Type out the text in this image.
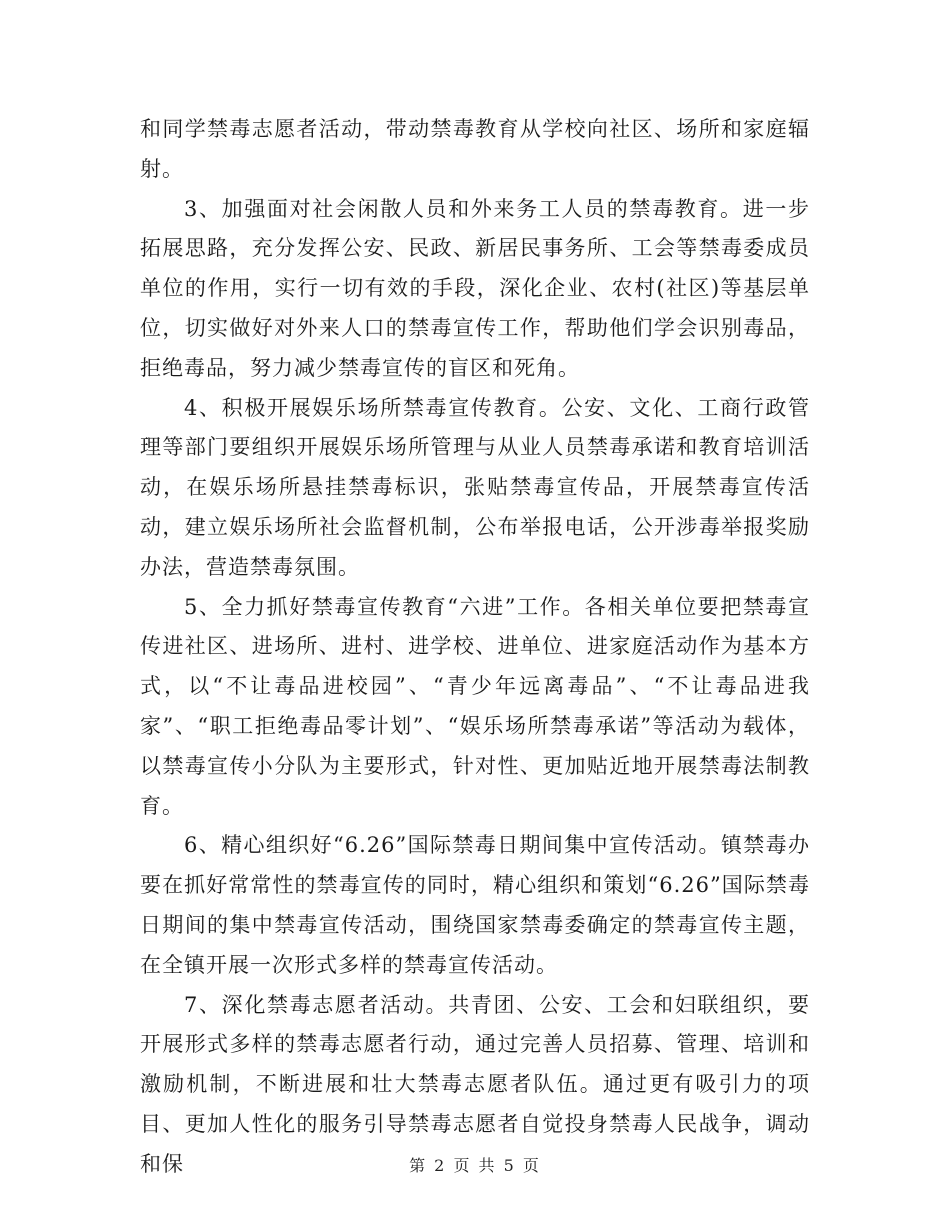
和同学禁毒志愿者活动，带动禁毒教育从学校向社区、场所和家庭辐射。

3、加强面对社会闲散人员和外来务工人员的禁毒教育。进一步拓展思路，充分发挥公安、民政、新居民事务所、工会等禁毒委成员单位的作用，实行一切有效的手段，深化企业、农村(社区)等基层单位，切实做好对外来人口的禁毒宣传工作，帮助他们学会识别毒品，拒绝毒品，努力减少禁毒宣传的盲区和死角。

4、积极开展娱乐场所禁毒宣传教育。公安、文化、工商行政管理等部门要组织开展娱乐场所管理与从业人员禁毒承诺和教育培训活动，在娱乐场所悬挂禁毒标识，张贴禁毒宣传品，开展禁毒宣传活动，建立娱乐场所社会监督机制，公布举报电话，公开涉毒举报奖励办法，营造禁毒氛围。

5、全力抓好禁毒宣传教育“六进”工作。各相关单位要把禁毒宣传进社区、进场所、进村、进学校、进单位、进家庭活动作为基本方式，以“不让毒品进校园”、“青少年远离毒品”、“不让毒品进我家”、“职工拒绝毒品零计划”、“娱乐场所禁毒承诺”等活动为载体，以禁毒宣传小分队为主要形式，针对性、更加贴近地开展禁毒法制教育。

6、精心组织好“6.26”国际禁毒日期间集中宣传活动。镇禁毒办要在抓好常常性的禁毒宣传的同时，精心组织和策划“6.26”国际禁毒日期间的集中禁毒宣传活动，围绕国家禁毒委确定的禁毒宣传主题，在全镇开展一次形式多样的禁毒宣传活动。

7、深化禁毒志愿者活动。共青团、公安、工会和妇联组织，要开展形式多样的禁毒志愿者行动，通过完善人员招募、管理、培训和激励机制，不断进展和壮大禁毒志愿者队伍。通过更有吸引力的项目、更加人性化的服务引导禁毒志愿者自觉投身禁毒人民战争，调动和保	第 2 页 共 5 页
